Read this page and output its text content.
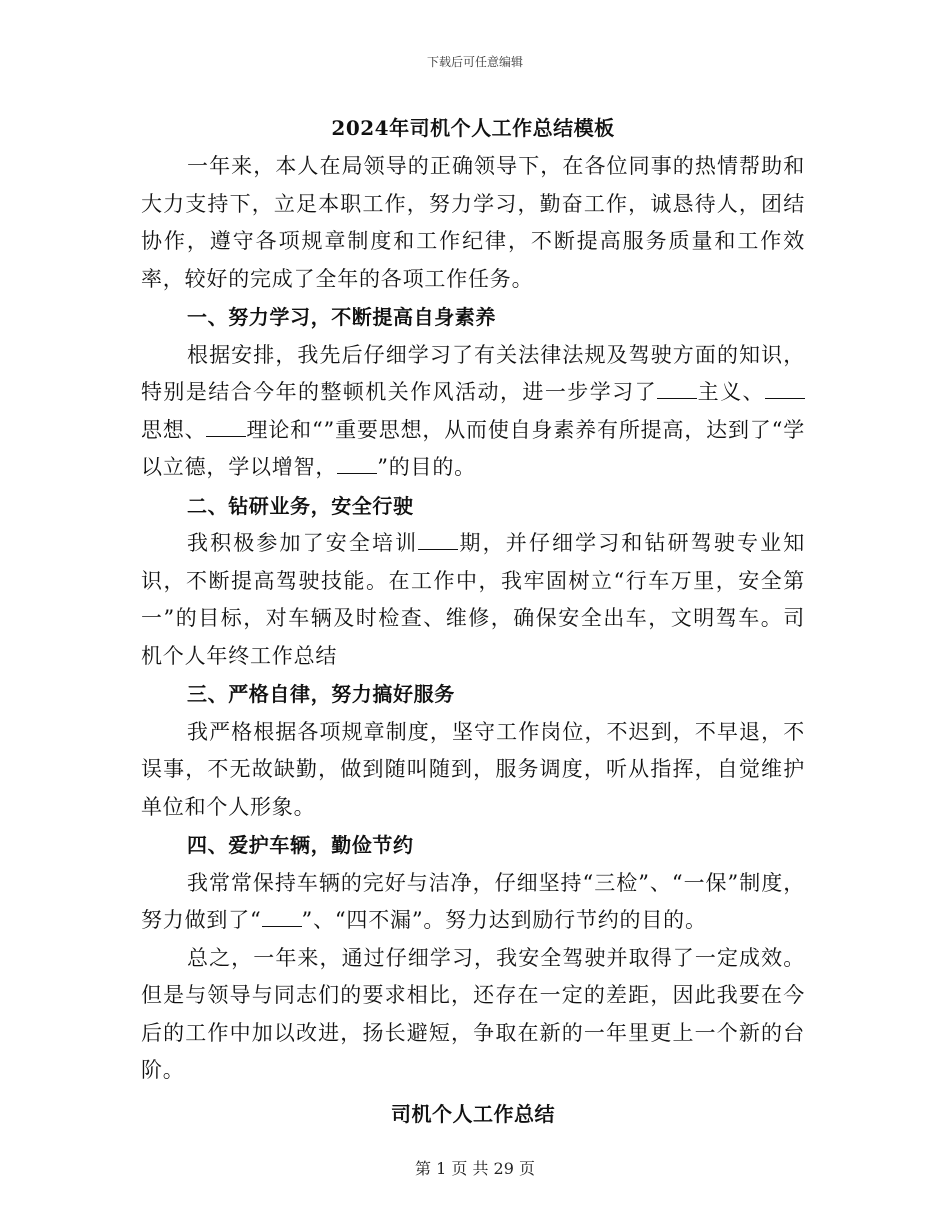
下载后可任意编辑
2024年司机个人工作总结模板

一年来，本人在局领导的正确领导下，在各位同事的热情帮助和大力支持下，立足本职工作，努力学习，勤奋工作，诚恳待人，团结协作，遵守各项规章制度和工作纪律，不断提高服务质量和工作效率，较好的完成了全年的各项工作任务。

一、努力学习，不断提高自身素养

根据安排，我先后仔细学习了有关法律法规及驾驶方面的知识，特别是结合今年的整顿机关作风活动，进一步学习了 主义、思想、 理论和“”重要思想，从而使自身素养有所提高，达到了“学以立德，学以增智， ”的目的。

二、钻研业务，安全行驶

我积极参加了安全培训 期，并仔细学习和钻研驾驶专业知识，不断提高驾驶技能。在工作中，我牢固树立“行车万里，安全第一”的目标，对车辆及时检查、维修，确保安全出车，文明驾车。司机个人年终工作总结

三、严格自律，努力搞好服务

我严格根据各项规章制度，坚守工作岗位，不迟到，不早退，不误事，不无故缺勤，做到随叫随到，服务调度，听从指挥，自觉维护单位和个人形象。

四、爱护车辆，勤俭节约

我常常保持车辆的完好与洁净，仔细坚持“三检”、“一保”制度，努力做到了“ ”、“四不漏”。努力达到励行节约的目的。

总之，一年来，通过仔细学习，我安全驾驶并取得了一定成效。但是与领导与同志们的要求相比，还存在一定的差距，因此我要在今后的工作中加以改进，扬长避短，争取在新的一年里更上一个新的台阶。

司机个人工作总结
第 1 页 共 29 页
